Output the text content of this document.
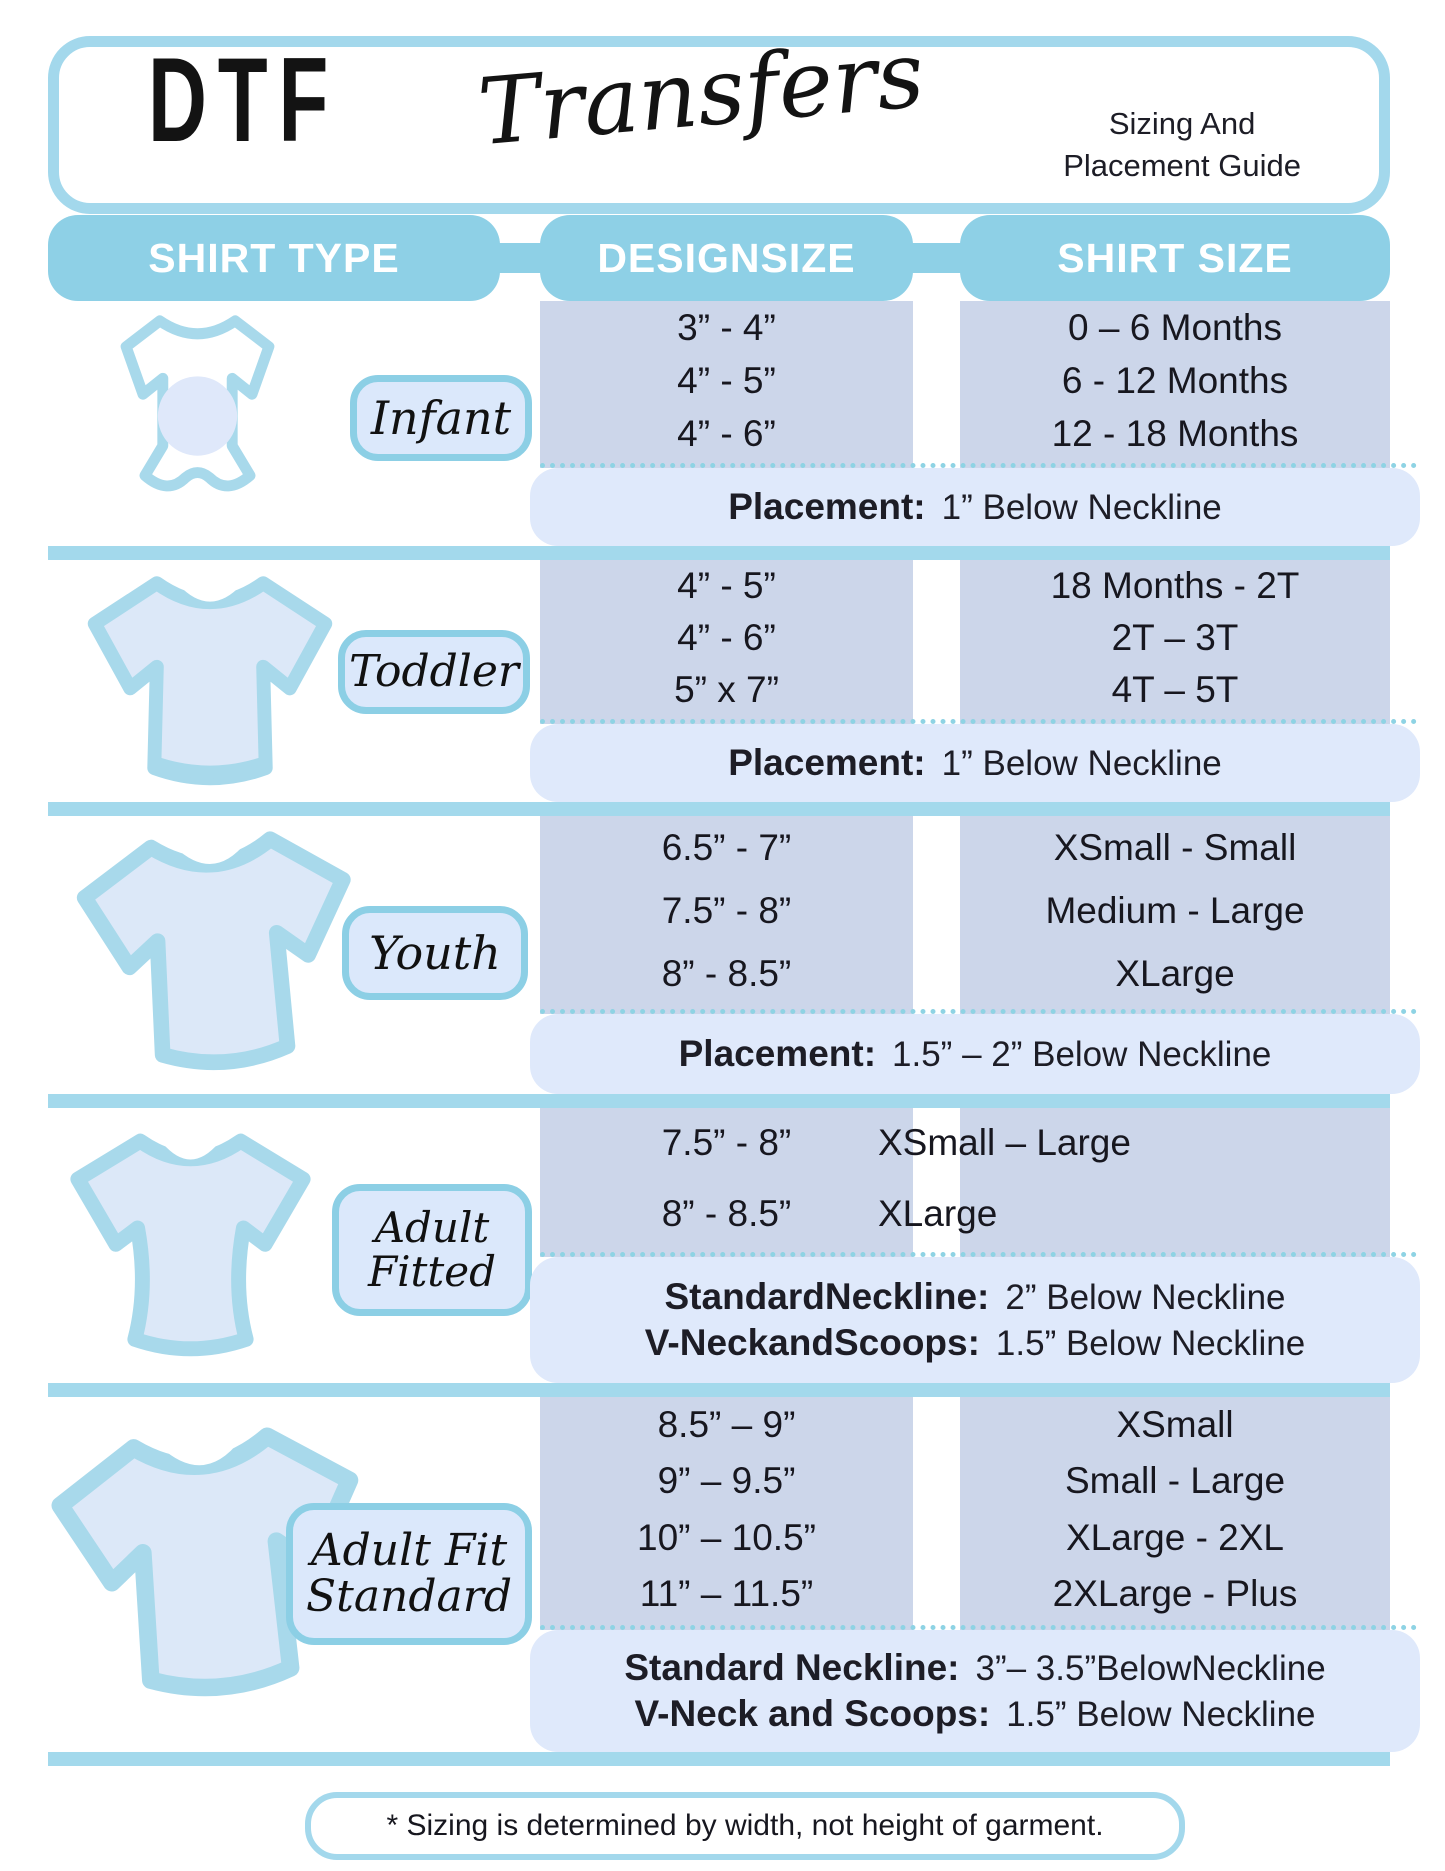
Sizing And
Placement Guide
DTF Transfers
SHIRT TYPE	DESIGNSIZE	SHIRT SIZE
Infant
3” - 4”
4” - 5”
4” - 6”
0 – 6 Months
6 - 12 Months
12 - 18 Months
Placement: 1” Below Neckline
Toddler
4” - 5”
4” - 6”
5” x 7”
18 Months - 2T
2T – 3T
4T – 5T
Placement: 1” Below Neckline
Youth
6.5” - 7”
7.5” - 8”
8” - 8.5”
XSmall - Small
Medium - Large
XLarge
Placement: 1.5” – 2” Below Neckline
Adult
Fitted
7.5” - 8”
8” - 8.5”
XSmall – Large
XLarge
StandardNeckline: 2” Below Neckline
V-NeckandScoops: 1.5” Below Neckline
Adult Fit
Standard
8.5” – 9”
9” – 9.5”
10” – 10.5”
11” – 11.5”
XSmall
Small - Large
XLarge - 2XL
2XLarge - Plus
Standard Neckline: 3”– 3.5”BelowNeckline
V-Neck and Scoops: 1.5” Below Neckline
* Sizing is determined by width, not height of garment.
